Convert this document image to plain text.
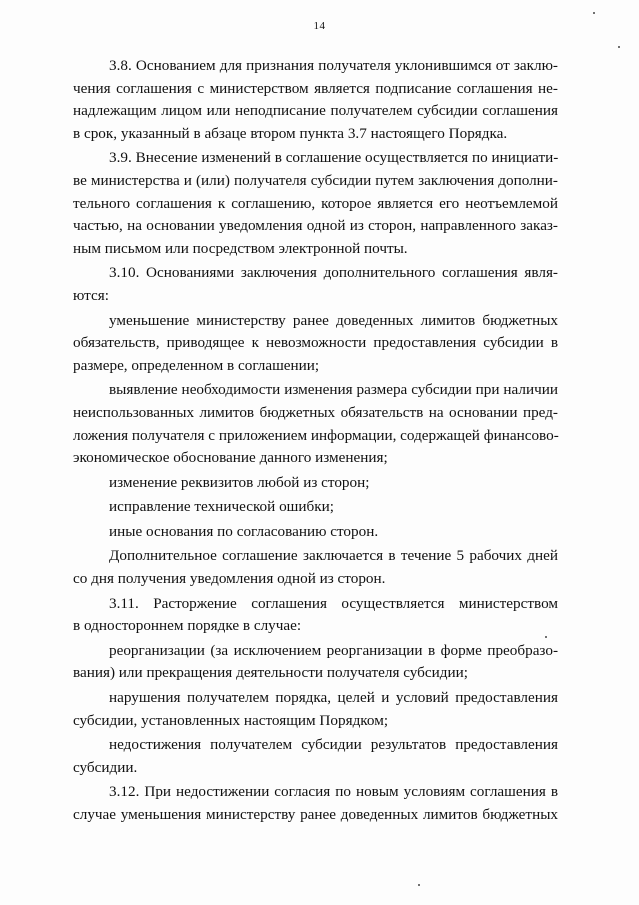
14
3.8. Основанием для признания получателя уклонившимся от заклю-
чения соглашения с министерством является подписание соглашения не-
надлежащим лицом или неподписание получателем субсидии соглашения
в срок, указанный в абзаце втором пункта 3.7 настоящего Порядка.
3.9. Внесение изменений в соглашение осуществляется по инициати-
ве министерства и (или) получателя субсидии путем заключения дополни-
тельного соглашения к соглашению, которое является его неотъемлемой
частью, на основании уведомления одной из сторон, направленного заказ-
ным письмом или посредством электронной почты.
3.10. Основаниями заключения дополнительного соглашения явля-
ются:
уменьшение министерству ранее доведенных лимитов бюджетных
обязательств, приводящее к невозможности предоставления субсидии в
размере, определенном в соглашении;
выявление необходимости изменения размера субсидии при наличии
неиспользованных лимитов бюджетных обязательств на основании пред-
ложения получателя с приложением информации, содержащей финансово-
экономическое обоснование данного изменения;
изменение реквизитов любой из сторон;
исправление технической ошибки;
иные основания по согласованию сторон.
Дополнительное соглашение заключается в течение 5 рабочих дней
со дня получения уведомления одной из сторон.
3.11. Расторжение соглашения осуществляется министерством
в одностороннем порядке в случае:
реорганизации (за исключением реорганизации в форме преобразо-
вания) или прекращения деятельности получателя субсидии;
нарушения получателем порядка, целей и условий предоставления
субсидии, установленных настоящим Порядком;
недостижения получателем субсидии результатов предоставления
субсидии.
3.12. При недостижении согласия по новым условиям соглашения в
случае уменьшения министерству ранее доведенных лимитов бюджетных
